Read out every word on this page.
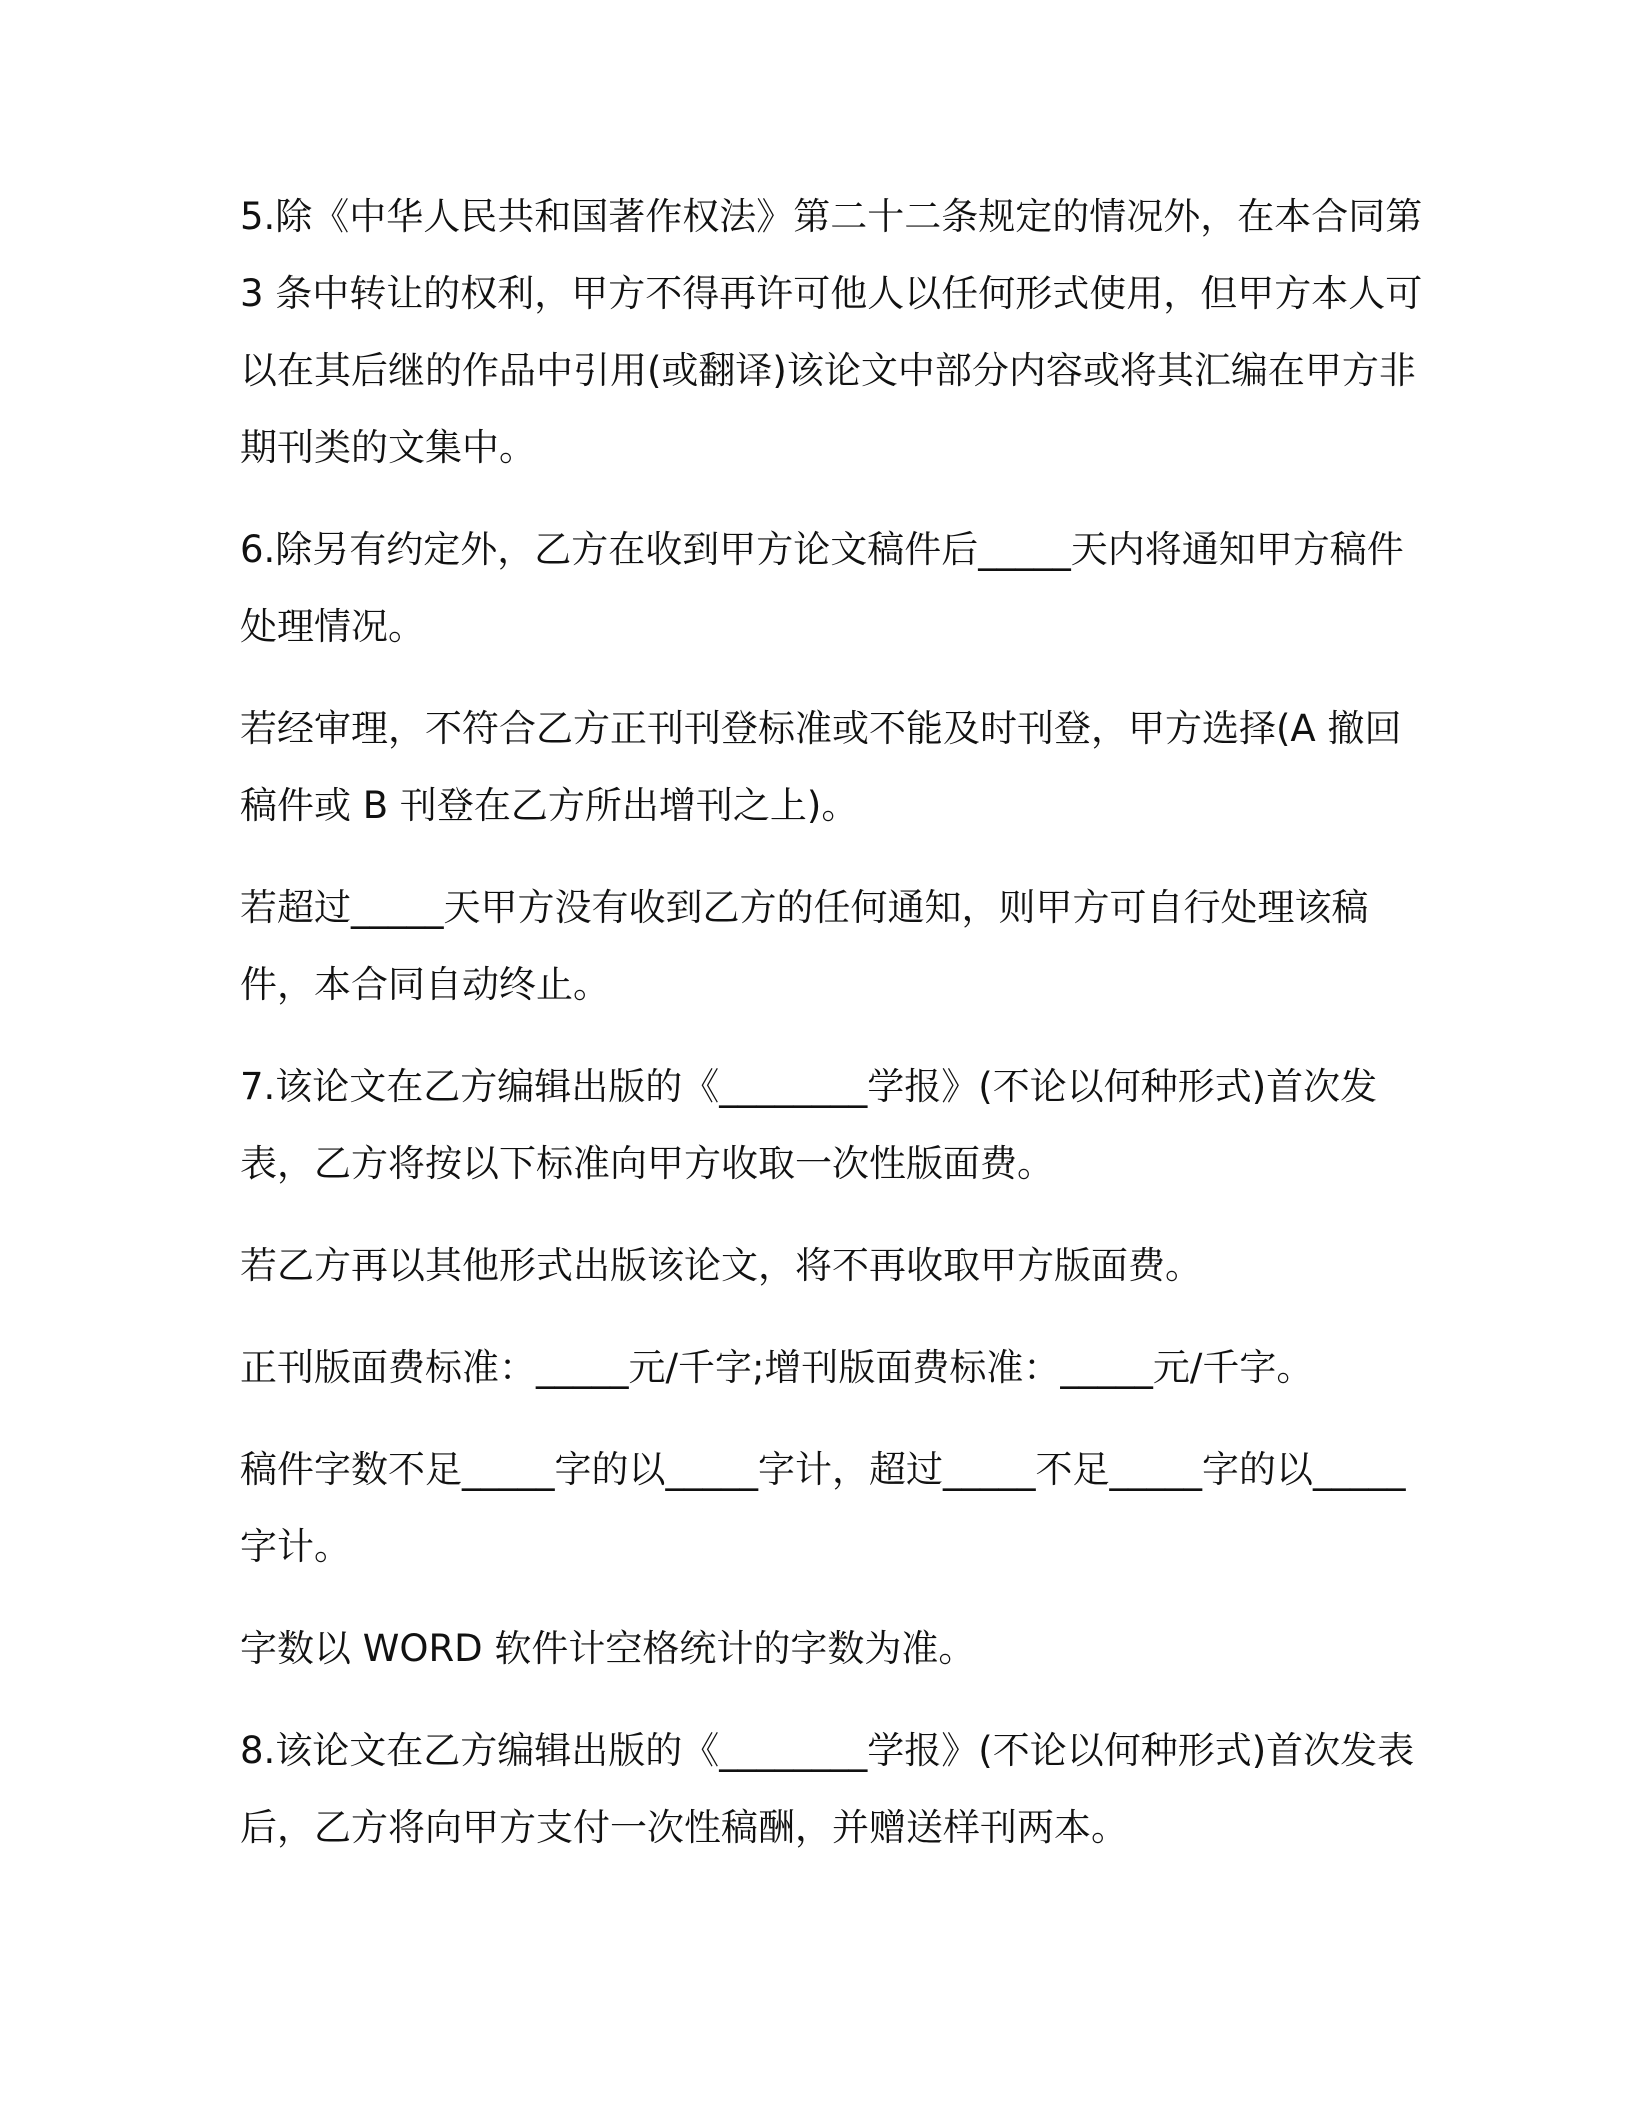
5.除《中华人民共和国著作权法》第二十二条规定的情况外，在本合同第 3 条中转让的权利，甲方不得再许可他人以任何形式使用，但甲方本人可以在其后继的作品中引用(或翻译)该论文中部分内容或将其汇编在甲方非期刊类的文集中。

6.除另有约定外，乙方在收到甲方论文稿件后_____天内将通知甲方稿件处理情况。

若经审理，不符合乙方正刊刊登标准或不能及时刊登，甲方选择(A 撤回稿件或 B 刊登在乙方所出增刊之上)。

若超过_____天甲方没有收到乙方的任何通知，则甲方可自行处理该稿件，本合同自动终止。

7.该论文在乙方编辑出版的《________学报》(不论以何种形式)首次发表，乙方将按以下标准向甲方收取一次性版面费。

若乙方再以其他形式出版该论文，将不再收取甲方版面费。

正刊版面费标准：_____元/千字;增刊版面费标准：_____元/千字。

稿件字数不足_____字的以_____字计，超过_____不足_____字的以_____字计。

字数以 WORD 软件计空格统计的字数为准。

8.该论文在乙方编辑出版的《________学报》(不论以何种形式)首次发表后，乙方将向甲方支付一次性稿酬，并赠送样刊两本。
